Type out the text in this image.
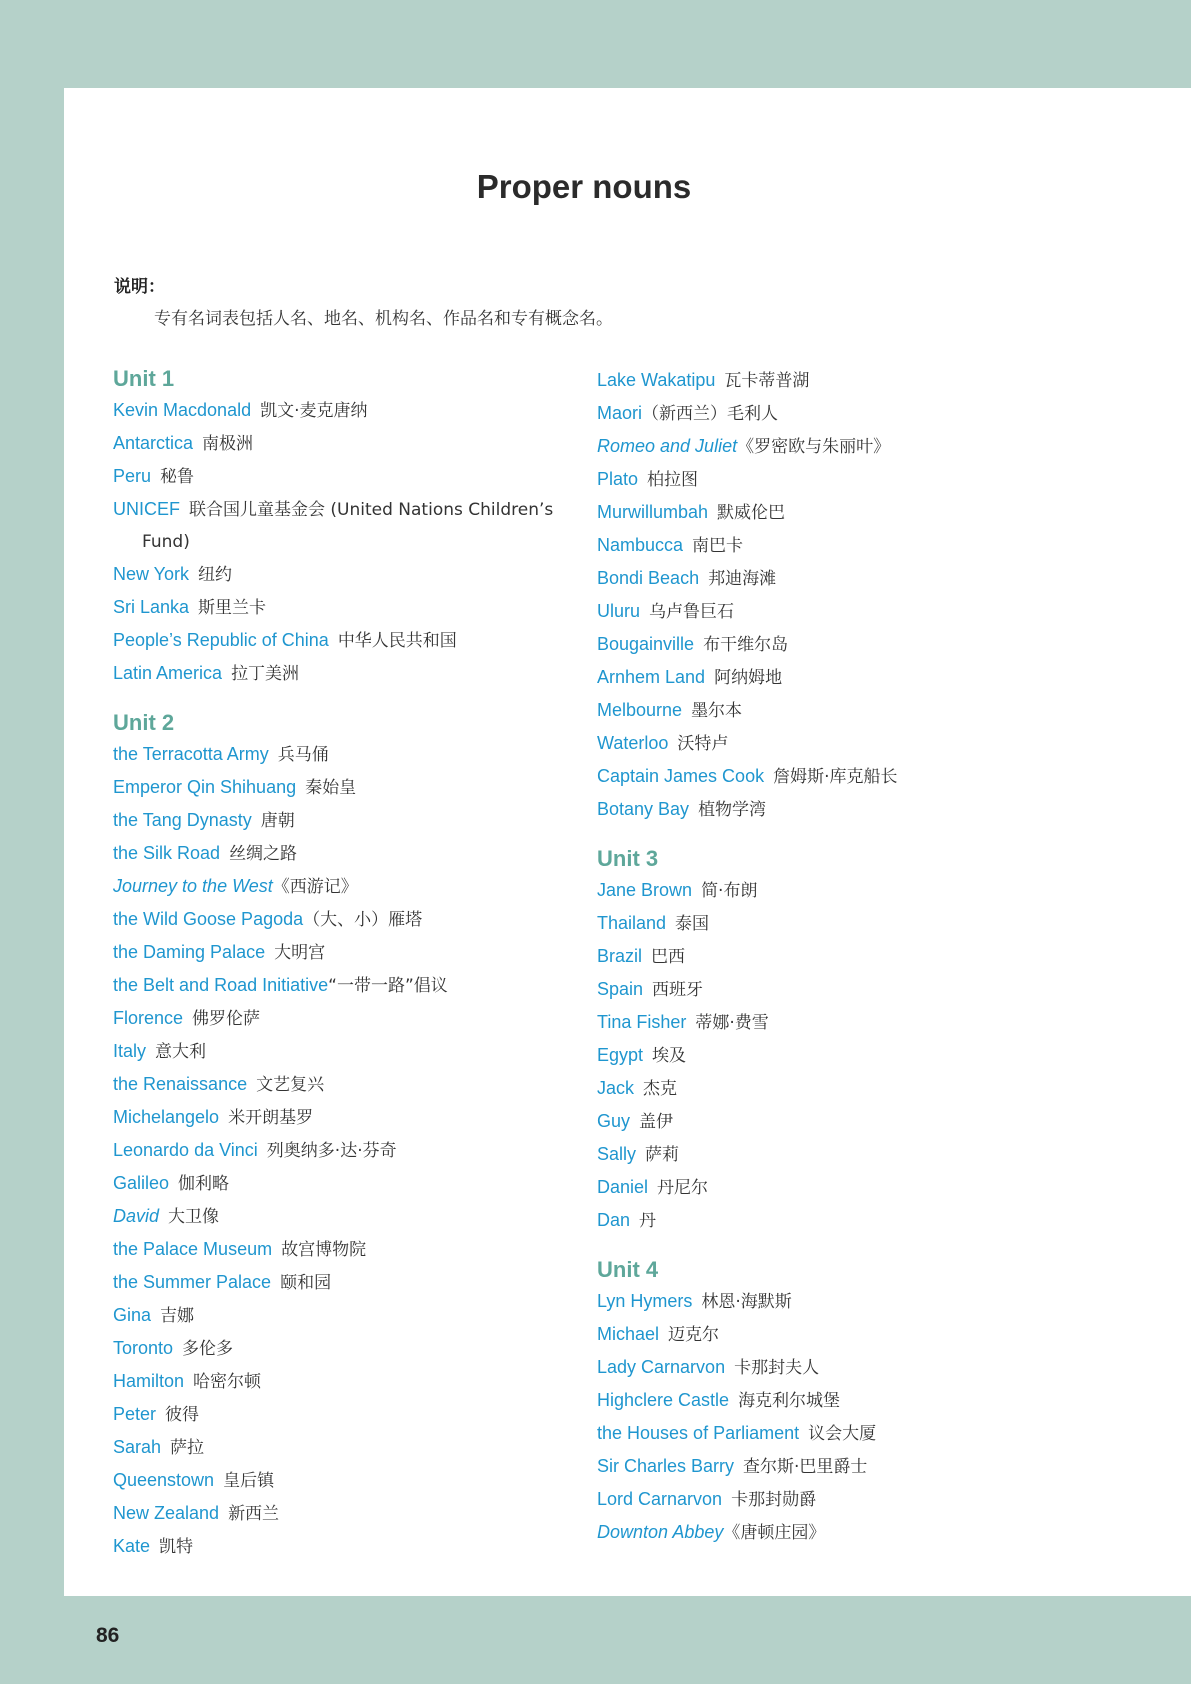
Proper nouns
说明：
专有名词表包括人名、地名、机构名、作品名和专有概念名。
Unit 1
Kevin Macdonald 凯文·麦克唐纳
Antarctica 南极洲
Peru 秘鲁
UNICEF 联合国儿童基金会 (United Nations Children’s Fund)
New York 纽约
Sri Lanka 斯里兰卡
People’s Republic of China 中华人民共和国
Latin America 拉丁美洲
Unit 2
the Terracotta Army 兵马俑
Emperor Qin Shihuang 秦始皇
the Tang Dynasty 唐朝
the Silk Road 丝绸之路
Journey to the West《西游记》
the Wild Goose Pagoda（大、小）雁塔
the Daming Palace 大明宫
the Belt and Road Initiative“一带一路”倡议
Florence 佛罗伦萨
Italy 意大利
the Renaissance 文艺复兴
Michelangelo 米开朗基罗
Leonardo da Vinci 列奥纳多·达·芬奇
Galileo 伽利略
David 大卫像
the Palace Museum 故宫博物院
the Summer Palace 颐和园
Gina 吉娜
Toronto 多伦多
Hamilton 哈密尔顿
Peter 彼得
Sarah 萨拉
Queenstown 皇后镇
New Zealand 新西兰
Kate 凯特
Lake Wakatipu 瓦卡蒂普湖
Maori（新西兰）毛利人
Romeo and Juliet《罗密欧与朱丽叶》
Plato 柏拉图
Murwillumbah 默威伦巴
Nambucca 南巴卡
Bondi Beach 邦迪海滩
Uluru 乌卢鲁巨石
Bougainville 布干维尔岛
Arnhem Land 阿纳姆地
Melbourne 墨尔本
Waterloo 沃特卢
Captain James Cook 詹姆斯·库克船长
Botany Bay 植物学湾
Unit 3
Jane Brown 简·布朗
Thailand 泰国
Brazil 巴西
Spain 西班牙
Tina Fisher 蒂娜·费雪
Egypt 埃及
Jack 杰克
Guy 盖伊
Sally 萨莉
Daniel 丹尼尔
Dan 丹
Unit 4
Lyn Hymers 林恩·海默斯
Michael 迈克尔
Lady Carnarvon 卡那封夫人
Highclere Castle 海克利尔城堡
the Houses of Parliament 议会大厦
Sir Charles Barry 查尔斯·巴里爵士
Lord Carnarvon 卡那封勋爵
Downton Abbey《唐顿庄园》
86
